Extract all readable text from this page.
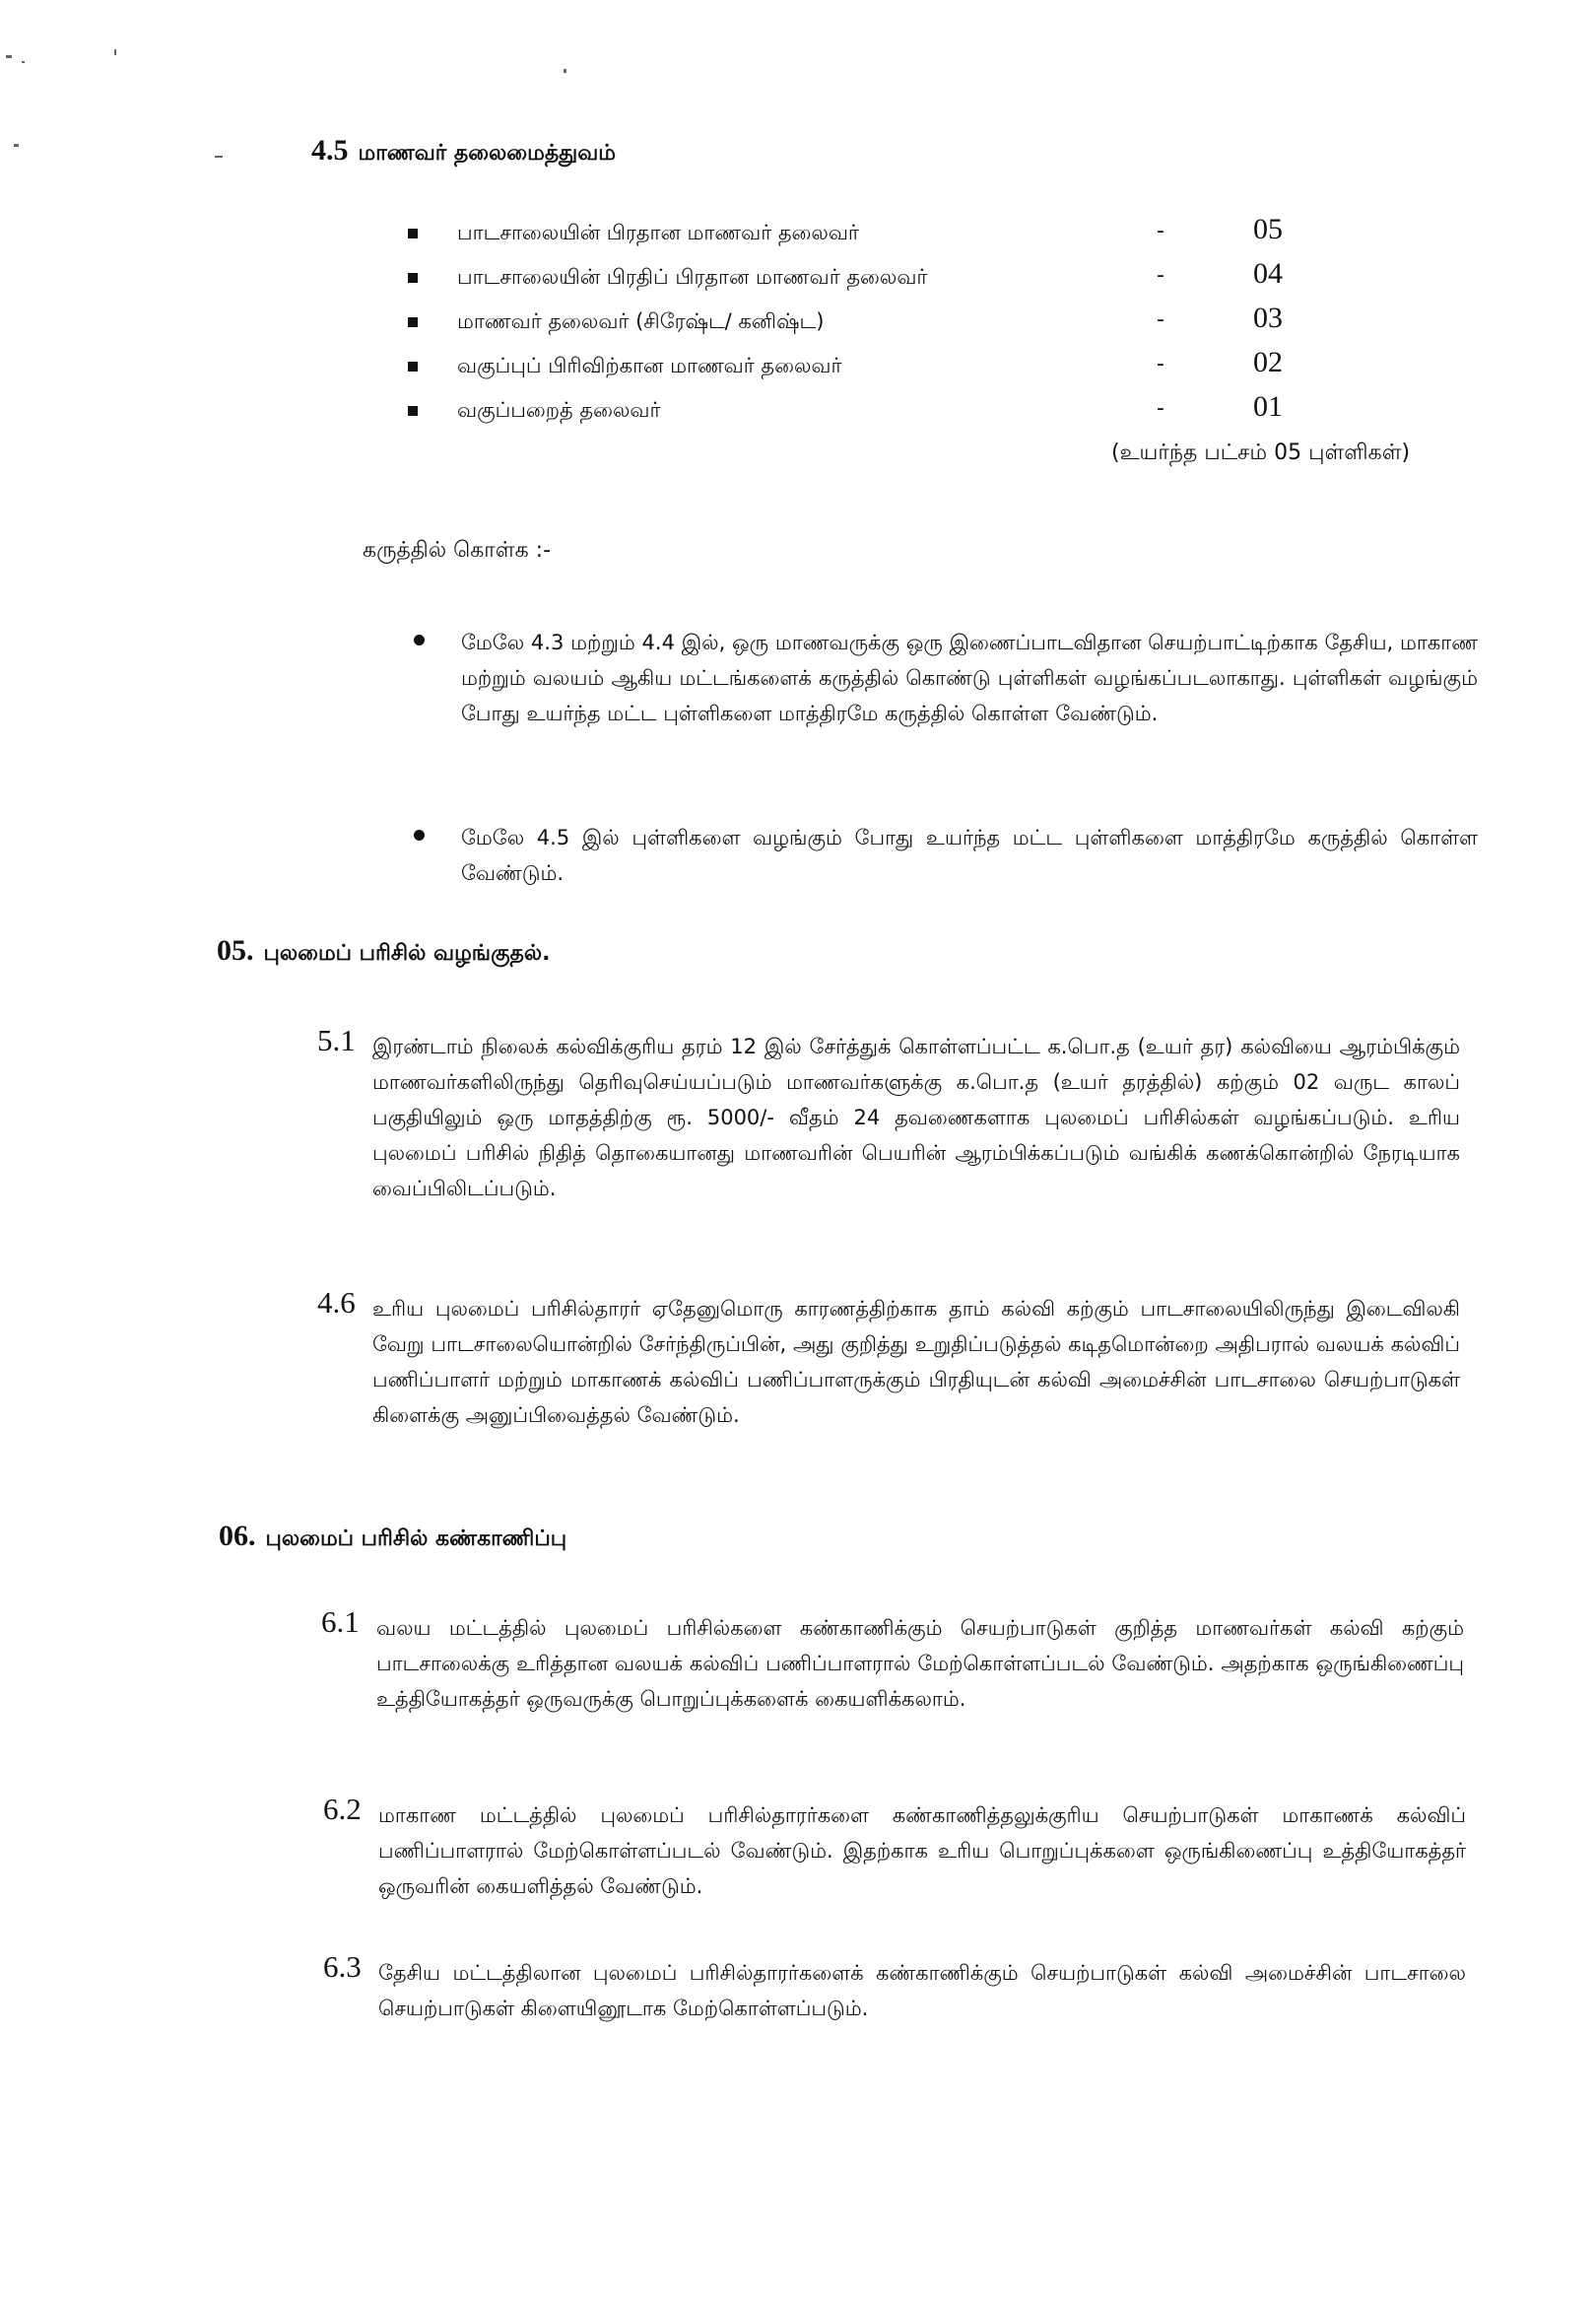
4.5 மாணவர் தலைமைத்துவம்
பாடசாலையின் பிரதான மாணவர் தலைவர்	-	05
பாடசாலையின் பிரதிப் பிரதான மாணவர் தலைவர்	-	04
மாணவர் தலைவர் (சிரேஷ்ட/ கனிஷ்ட)	-	03
வகுப்புப் பிரிவிற்கான மாணவர் தலைவர்	-	02
வகுப்பறைத் தலைவர்	-	01
(உயர்ந்த பட்சம் 05 புள்ளிகள்)
கருத்தில் கொள்க :-
மேலே 4.3 மற்றும் 4.4 இல், ஒரு மாணவருக்கு ஒரு இணைப்பாடவிதான செயற்பாட்டிற்காக தேசிய, மாகாண மற்றும் வலயம் ஆகிய மட்டங்களைக் கருத்தில் கொண்டு புள்ளிகள் வழங்கப்படலாகாது. புள்ளிகள் வழங்கும் போது உயர்ந்த மட்ட புள்ளிகளை மாத்திரமே கருத்தில் கொள்ள வேண்டும்.
மேலே 4.5 இல் புள்ளிகளை வழங்கும் போது உயர்ந்த மட்ட புள்ளிகளை மாத்திரமே கருத்தில் கொள்ள வேண்டும்.
05. புலமைப் பரிசில் வழங்குதல்.
5.1 இரண்டாம் நிலைக் கல்விக்குரிய தரம் 12 இல் சேர்த்துக் கொள்ளப்பட்ட க.பொ.த (உயர் தர) கல்வியை ஆரம்பிக்கும் மாணவர்களிலிருந்து தெரிவுசெய்யப்படும் மாணவர்களுக்கு க.பொ.த (உயர் தரத்தில்) கற்கும் 02 வருட காலப் பகுதியிலும் ஒரு மாதத்திற்கு ரூ. 5000/- வீதம் 24 தவணைகளாக புலமைப் பரிசில்கள் வழங்கப்படும். உரிய புலமைப் பரிசில் நிதித் தொகையானது மாணவரின் பெயரின் ஆரம்பிக்கப்படும் வங்கிக் கணக்கொன்றில் நேரடியாக வைப்பிலிடப்படும்.
4.6 உரிய புலமைப் பரிசில்தாரர் ஏதேனுமொரு காரணத்திற்காக தாம் கல்வி கற்கும் பாடசாலையிலிருந்து இடைவிலகி வேறு பாடசாலையொன்றில் சேர்ந்திருப்பின், அது குறித்து உறுதிப்படுத்தல் கடிதமொன்றை அதிபரால் வலயக் கல்விப் பணிப்பாளர் மற்றும் மாகாணக் கல்விப் பணிப்பாளருக்கும் பிரதியுடன் கல்வி அமைச்சின் பாடசாலை செயற்பாடுகள் கிளைக்கு அனுப்பிவைத்தல் வேண்டும்.
06. புலமைப் பரிசில் கண்காணிப்பு
6.1 வலய மட்டத்தில் புலமைப் பரிசில்களை கண்காணிக்கும் செயற்பாடுகள் குறித்த மாணவர்கள் கல்வி கற்கும் பாடசாலைக்கு உரித்தான வலயக் கல்விப் பணிப்பாளரால் மேற்கொள்ளப்படல் வேண்டும். அதற்காக ஒருங்கிணைப்பு உத்தியோகத்தர் ஒருவருக்கு பொறுப்புக்களைக் கையளிக்கலாம்.
6.2 மாகாண மட்டத்தில் புலமைப் பரிசில்தாரர்களை கண்காணித்தலுக்குரிய செயற்பாடுகள் மாகாணக் கல்விப் பணிப்பாளரால் மேற்கொள்ளப்படல் வேண்டும். இதற்காக உரிய பொறுப்புக்களை ஒருங்கிணைப்பு உத்தியோகத்தர் ஒருவரின் கையளித்தல் வேண்டும்.
6.3 தேசிய மட்டத்திலான புலமைப் பரிசில்தாரர்களைக் கண்காணிக்கும் செயற்பாடுகள் கல்வி அமைச்சின் பாடசாலை செயற்பாடுகள் கிளையினூடாக மேற்கொள்ளப்படும்.
